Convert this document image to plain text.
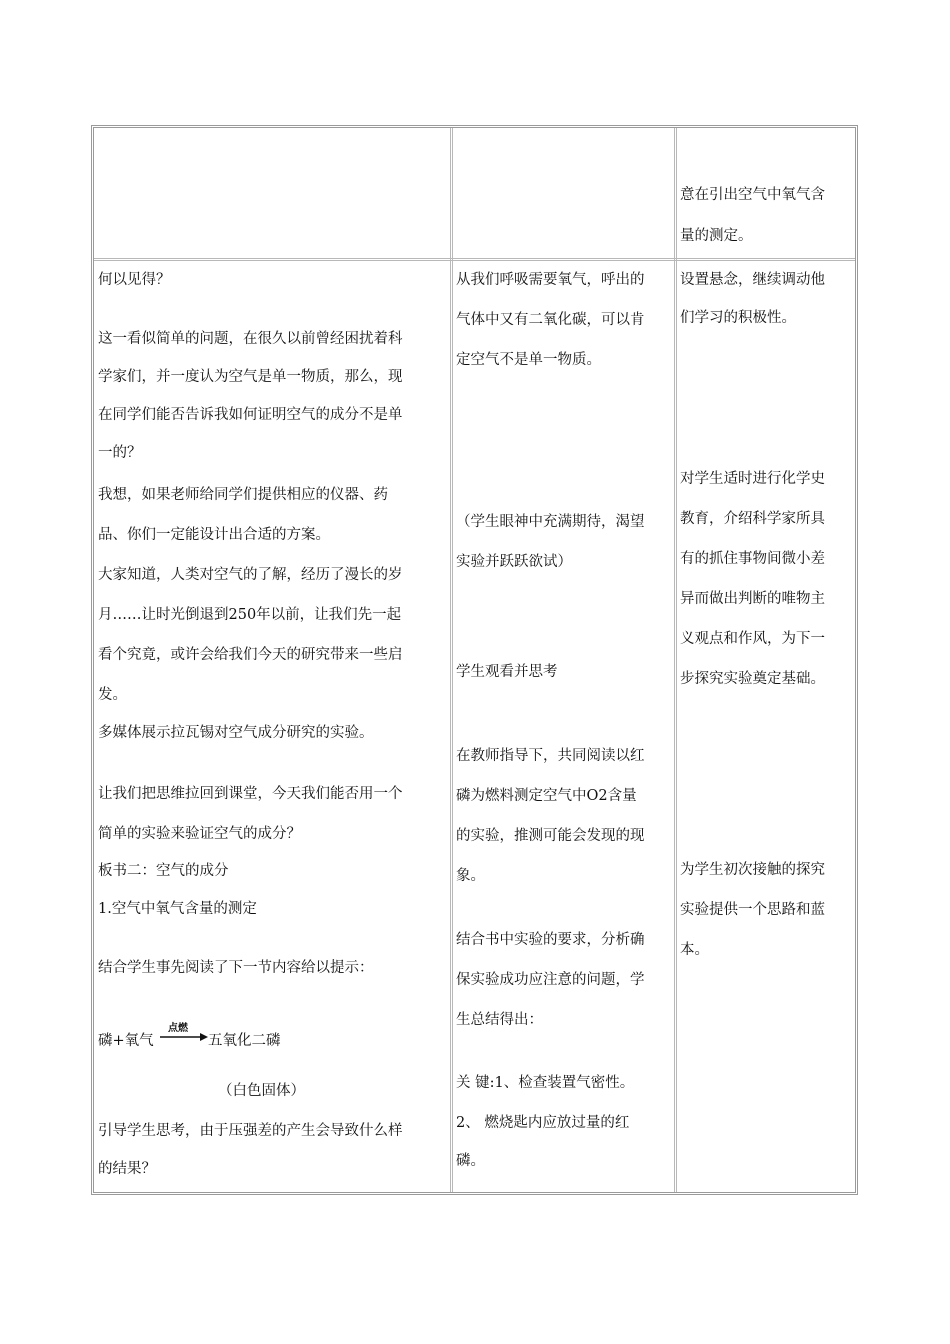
意在引出空气中氧气含
量的测定。
何以见得？
这一看似简单的问题，在很久以前曾经困扰着科
学家们，并一度认为空气是单一物质，那么，现
在同学们能否告诉我如何证明空气的成分不是单
一的？
我想，如果老师给同学们提供相应的仪器、药
品、你们一定能设计出合适的方案。
大家知道，人类对空气的了解，经历了漫长的岁
月……让时光倒退到250年以前，让我们先一起
看个究竟，或许会给我们今天的研究带来一些启
发。
多媒体展示拉瓦锡对空气成分研究的实验。
让我们把思维拉回到课堂，今天我们能否用一个
简单的实验来验证空气的成分？
板书二：空气的成分
1.空气中氧气含量的测定
结合学生事先阅读了下一节内容给以提示：
磷+氧气
点燃
→ 五氧化二磷
（白色固体）
引导学生思考，由于压强差的产生会导致什么样
的结果？
从我们呼吸需要氧气，呼出的
气体中又有二氧化碳，可以肯
定空气不是单一物质。
（学生眼神中充满期待，渴望
实验并跃跃欲试）
学生观看并思考
在教师指导下，共同阅读以红
磷为燃料测定空气中O2含量
的实验，推测可能会发现的现
象。
结合书中实验的要求，分析确
保实验成功应注意的问题，学
生总结得出：
关 键:1、检查装置气密性。
2、 燃烧匙内应放过量的红
磷。
设置悬念，继续调动他
们学习的积极性。
对学生适时进行化学史
教育，介绍科学家所具
有的抓住事物间微小差
异而做出判断的唯物主
义观点和作风，为下一
步探究实验奠定基础。
为学生初次接触的探究
实验提供一个思路和蓝
本。
